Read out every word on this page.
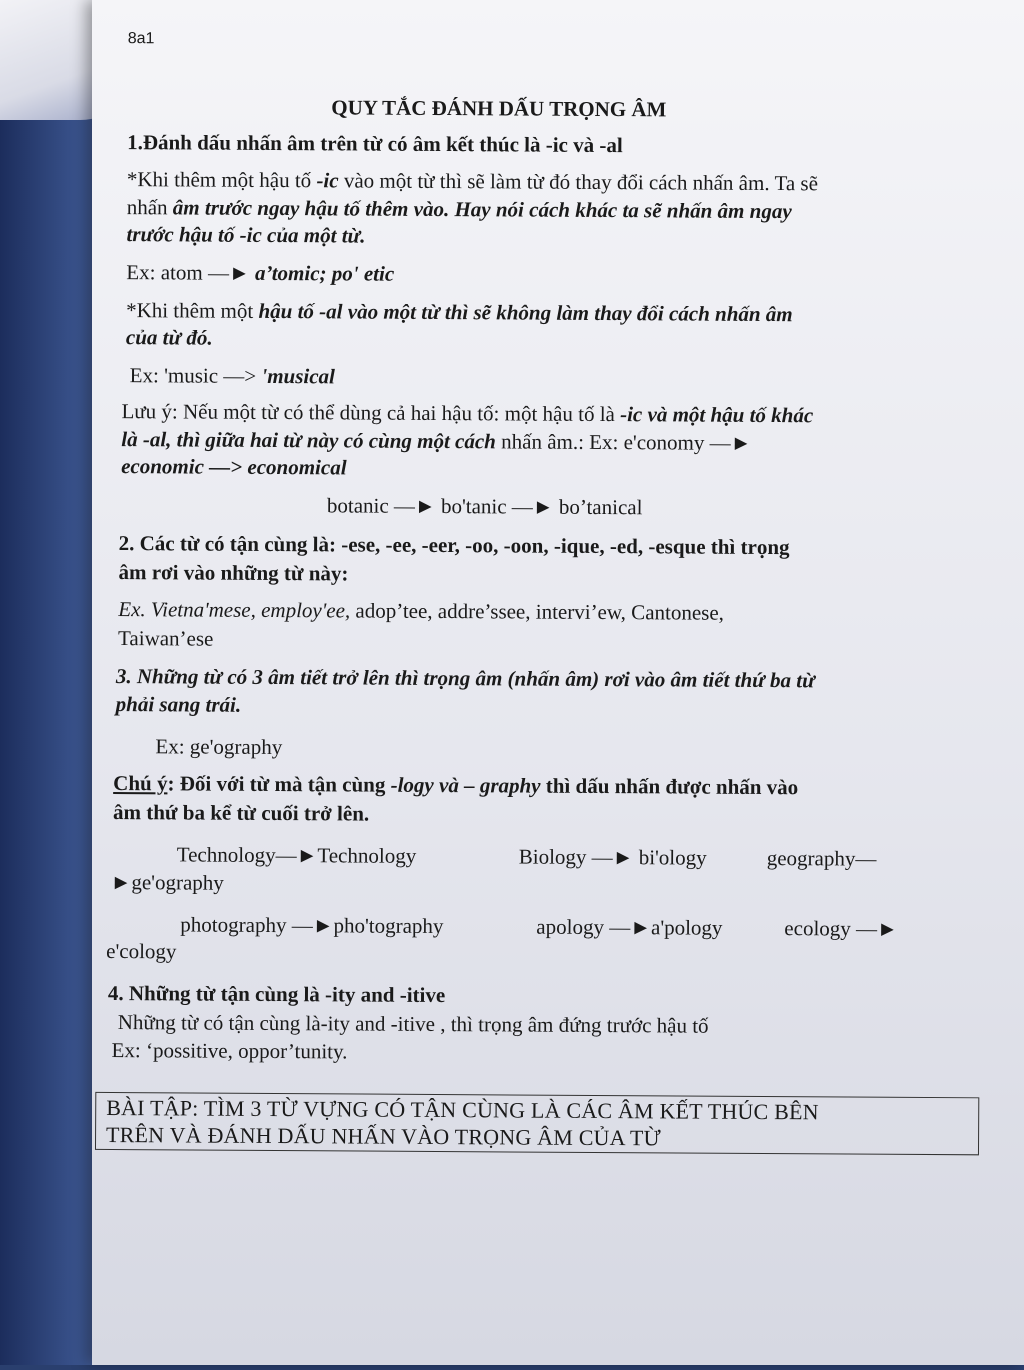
8a1

QUY TẮC ĐÁNH DẤU TRỌNG ÂM

1.Đánh dấu nhấn âm trên từ có âm kết thúc là -ic và -al

*Khi thêm một hậu tố -ic vào một từ thì sẽ làm từ đó thay đổi cách nhấn âm. Ta sẽ

nhấn âm trước ngay hậu tố thêm vào. Hay nói cách khác ta sẽ nhấn âm ngay

trước hậu tố -ic của một từ.

Ex: atom —► a’tomic; po' etic

*Khi thêm một hậu tố -al vào một từ thì sẽ không làm thay đổi cách nhấn âm

của từ đó.

Ex: 'music —> 'musical

Lưu ý: Nếu một từ có thể dùng cả hai hậu tố: một hậu tố là -ic và một hậu tố khác

là -al, thì giữa hai từ này có cùng một cách nhấn âm.: Ex: e'conomy —►

economic —> economical

botanic —► bo'tanic —► bo’tanical

2. Các từ có tận cùng là: -ese, -ee, -eer, -oo, -oon, -ique, -ed, -esque thì trọng

âm rơi vào những từ này:

Ex. Vietna'mese, employ'ee, adop’tee, addre’ssee, intervi’ew, Cantonese,

Taiwan’ese

3. Những từ có 3 âm tiết trở lên thì trọng âm (nhấn âm) rơi vào âm tiết thứ ba từ

phải sang trái.

Ex: ge'ography

Chú ý: Đối với từ mà tận cùng -logy và – graphy thì dấu nhấn được nhấn vào

âm thứ ba kể từ cuối trở lên.

Technology—►Technology	Biology —► bi'ology	geography—

►ge'ography

photography —►pho'tography	apology —►a'pology	ecology —►

e'cology

4. Những từ tận cùng là -ity and -itive

Những từ có tận cùng là-ity and -itive , thì trọng âm đứng trước hậu tố

Ex: ‘possitive, oppor’tunity.

BÀI TẬP: TÌM 3 TỪ VỰNG CÓ TẬN CÙNG LÀ CÁC ÂM KẾT THÚC BÊN

TRÊN VÀ ĐÁNH DẤU NHẤN VÀO TRỌNG ÂM CỦA TỪ
